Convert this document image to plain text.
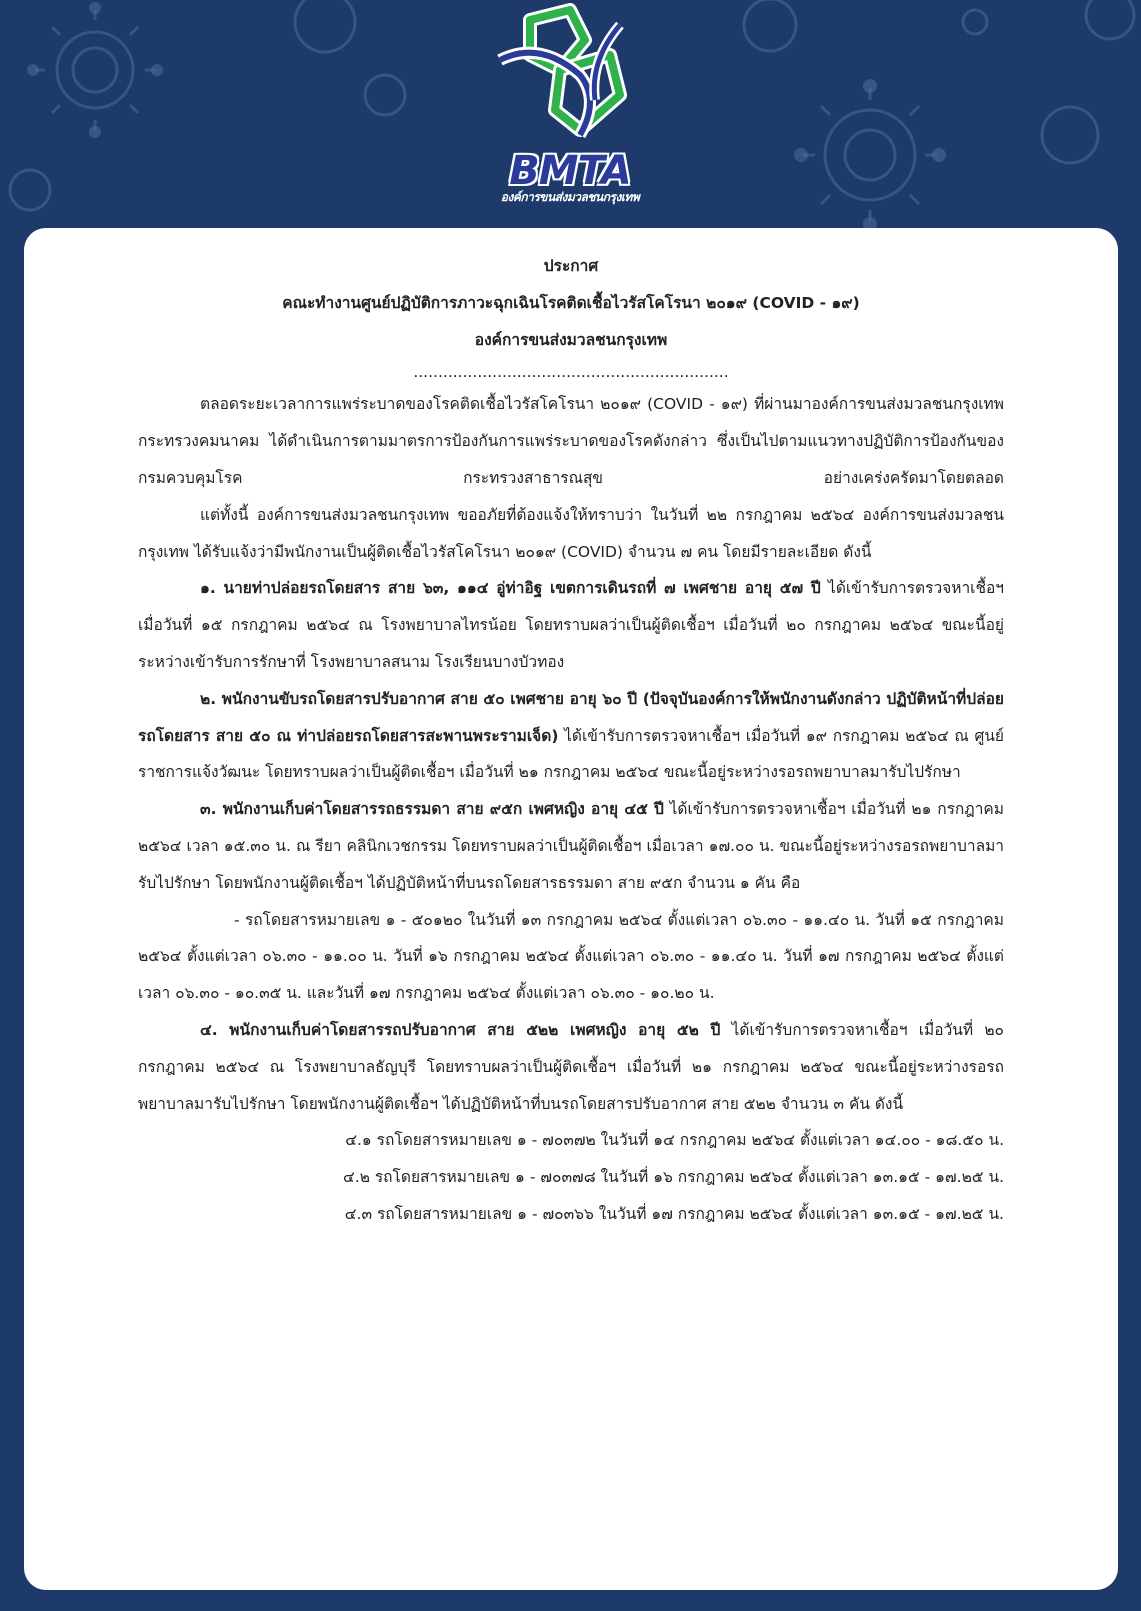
BMTA
องค์การขนส่งมวลชนกรุงเทพ
ประกาศ
คณะทำงานศูนย์ปฏิบัติการภาวะฉุกเฉินโรคติดเชื้อไวรัสโคโรนา ๒๐๑๙ (COVID - ๑๙)
องค์การขนส่งมวลชนกรุงเทพ
................................................................
ตลอดระยะเวลาการแพร่ระบาดของโรคติดเชื้อไวรัสโคโรนา ๒๐๑๙ (COVID - ๑๙) ที่ผ่านมาองค์การขนส่งมวลชนกรุงเทพ กระทรวงคมนาคม ได้ดำเนินการตามมาตรการป้องกันการแพร่ระบาดของโรคดังกล่าว ซึ่งเป็นไปตามแนวทางปฏิบัติการป้องกันของกรมควบคุมโรค กระทรวงสาธารณสุข อย่างเคร่งครัดมาโดยตลอด
แต่ทั้งนี้ องค์การขนส่งมวลชนกรุงเทพ ขออภัยที่ต้องแจ้งให้ทราบว่า ในวันที่ ๒๒ กรกฎาคม ๒๕๖๔ องค์การขนส่งมวลชนกรุงเทพ ได้รับแจ้งว่ามีพนักงานเป็นผู้ติดเชื้อไวรัสโคโรนา ๒๐๑๙ (COVID) จำนวน ๗ คน โดยมีรายละเอียด ดังนี้
๑. นายท่าปล่อยรถโดยสาร สาย ๖๓, ๑๑๔ อู่ท่าอิฐ เขตการเดินรถที่ ๗ เพศชาย อายุ ๕๗ ปี ได้เข้ารับการตรวจหาเชื้อฯ เมื่อวันที่ ๑๕ กรกฎาคม ๒๕๖๔ ณ โรงพยาบาลไทรน้อย โดยทราบผลว่าเป็นผู้ติดเชื้อฯ เมื่อวันที่ ๒๐ กรกฎาคม ๒๕๖๔ ขณะนี้อยู่ระหว่างเข้ารับการรักษาที่ โรงพยาบาลสนาม โรงเรียนบางบัวทอง
๒. พนักงานขับรถโดยสารปรับอากาศ สาย ๕๐ เพศชาย อายุ ๖๐ ปี (ปัจจุบันองค์การให้พนักงานดังกล่าว ปฏิบัติหน้าที่ปล่อยรถโดยสาร สาย ๕๐ ณ ท่าปล่อยรถโดยสารสะพานพระรามเจ็ด) ได้เข้ารับการตรวจหาเชื้อฯ เมื่อวันที่ ๑๙ กรกฎาคม ๒๕๖๔ ณ ศูนย์ราชการแจ้งวัฒนะ โดยทราบผลว่าเป็นผู้ติดเชื้อฯ เมื่อวันที่ ๒๑ กรกฎาคม ๒๕๖๔ ขณะนี้อยู่ระหว่างรอรถพยาบาลมารับไปรักษา
๓. พนักงานเก็บค่าโดยสารรถธรรมดา สาย ๙๕ก เพศหญิง อายุ ๔๕ ปี ได้เข้ารับการตรวจหาเชื้อฯ เมื่อวันที่ ๒๑ กรกฎาคม ๒๕๖๔ เวลา ๑๕.๓๐ น. ณ รียา คลินิกเวชกรรม โดยทราบผลว่าเป็นผู้ติดเชื้อฯ เมื่อเวลา ๑๗.๐๐ น. ขณะนี้อยู่ระหว่างรอรถพยาบาลมารับไปรักษา โดยพนักงานผู้ติดเชื้อฯ ได้ปฏิบัติหน้าที่บนรถโดยสารธรรมดา สาย ๙๕ก จำนวน ๑ คัน คือ
- รถโดยสารหมายเลข ๑ - ๕๐๑๒๐ ในวันที่ ๑๓ กรกฎาคม ๒๕๖๔ ตั้งแต่เวลา ๐๖.๓๐ - ๑๑.๔๐ น. วันที่ ๑๕ กรกฎาคม ๒๕๖๔ ตั้งแต่เวลา ๐๖.๓๐ - ๑๑.๐๐ น. วันที่ ๑๖ กรกฎาคม ๒๕๖๔ ตั้งแต่เวลา ๐๖.๓๐ - ๑๑.๔๐ น. วันที่ ๑๗ กรกฎาคม ๒๕๖๔ ตั้งแต่เวลา ๐๖.๓๐ - ๑๐.๓๕ น. และวันที่ ๑๗ กรกฎาคม ๒๕๖๔ ตั้งแต่เวลา ๐๖.๓๐ - ๑๐.๒๐ น.
๔. พนักงานเก็บค่าโดยสารรถปรับอากาศ สาย ๕๒๒ เพศหญิง อายุ ๕๒ ปี ได้เข้ารับการตรวจหาเชื้อฯ เมื่อวันที่ ๒๐ กรกฎาคม ๒๕๖๔ ณ โรงพยาบาลธัญบุรี โดยทราบผลว่าเป็นผู้ติดเชื้อฯ เมื่อวันที่ ๒๑ กรกฎาคม ๒๕๖๔ ขณะนี้อยู่ระหว่างรอรถพยาบาลมารับไปรักษา โดยพนักงานผู้ติดเชื้อฯ ได้ปฏิบัติหน้าที่บนรถโดยสารปรับอากาศ สาย ๕๒๒ จำนวน ๓ คัน ดังนี้
๔.๑ รถโดยสารหมายเลข ๑ - ๗๐๓๗๒ ในวันที่ ๑๔ กรกฎาคม ๒๕๖๔ ตั้งแต่เวลา ๑๔.๐๐ - ๑๘.๕๐ น.
๔.๒ รถโดยสารหมายเลข ๑ - ๗๐๓๗๘ ในวันที่ ๑๖ กรกฎาคม ๒๕๖๔ ตั้งแต่เวลา ๑๓.๑๕ - ๑๗.๒๕ น.
๔.๓ รถโดยสารหมายเลข ๑ - ๗๐๓๖๖ ในวันที่ ๑๗ กรกฎาคม ๒๕๖๔ ตั้งแต่เวลา ๑๓.๑๕ - ๑๗.๒๕ น.
